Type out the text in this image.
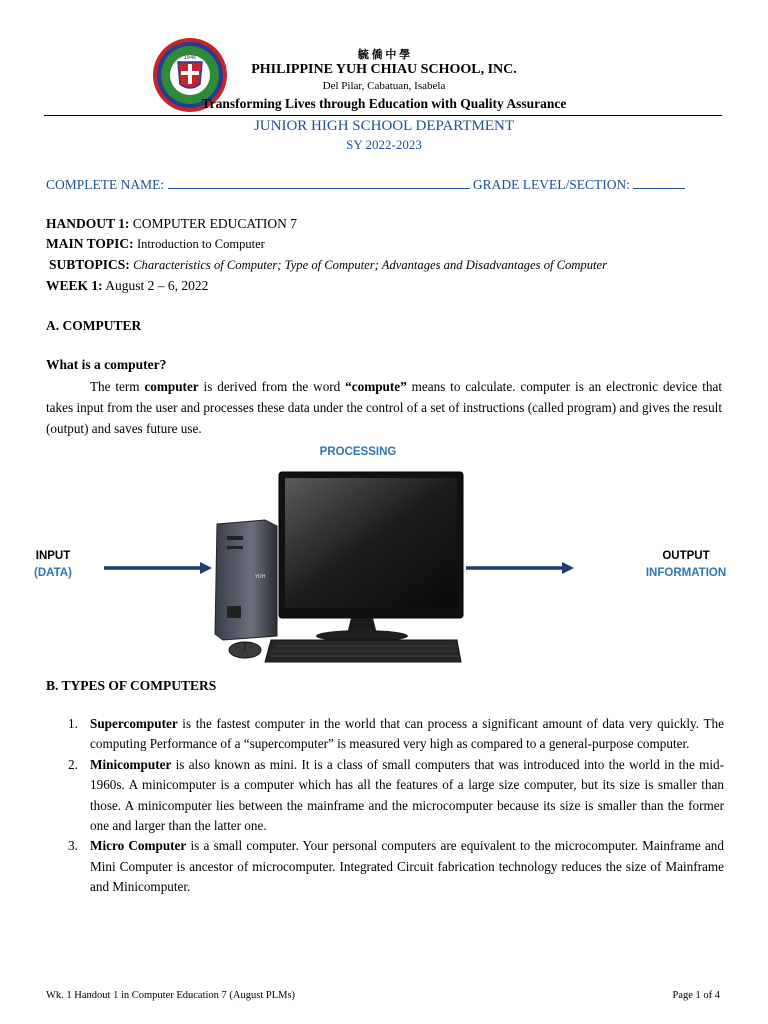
1946	毓 僑 中 學
PHILIPPINE YUH CHIAU SCHOOL, INC.
Del Pilar, Cabatuan, Isabela
Transforming Lives through Education with Quality Assurance
JUNIOR HIGH SCHOOL DEPARTMENT
SY 2022-2023
COMPLETE NAME:	GRADE LEVEL/SECTION:
HANDOUT 1: COMPUTER EDUCATION 7
MAIN TOPIC: Introduction to Computer
SUBTOPICS: Characteristics of Computer; Type of Computer; Advantages and Disadvantages of Computer
WEEK 1: August 2 – 6, 2022
A. COMPUTER
What is a computer?
The term computer is derived from the word “compute” means to calculate. computer is an electronic device that takes input from the user and processes these data under the control of a set of instructions (called program) and gives the result (output) and saves future use.
PROCESSING
INPUT
(DATA)
OUTPUT
INFORMATION
YUH
B. TYPES OF COMPUTERS
1. Supercomputer is the fastest computer in the world that can process a significant amount of data very quickly. The computing Performance of a “supercomputer” is measured very high as compared to a general-purpose computer.
2. Minicomputer is also known as mini. It is a class of small computers that was introduced into the world in the mid-1960s. A minicomputer is a computer which has all the features of a large size computer, but its size is smaller than those. A minicomputer lies between the mainframe and the microcomputer because its size is smaller than the former one and larger than the latter one.
3. Micro Computer is a small computer. Your personal computers are equivalent to the microcomputer. Mainframe and Mini Computer is ancestor of microcomputer. Integrated Circuit fabrication technology reduces the size of Mainframe and Minicomputer.
Wk. 1 Handout 1 in Computer Education 7 (August PLMs)	Page 1 of 4
